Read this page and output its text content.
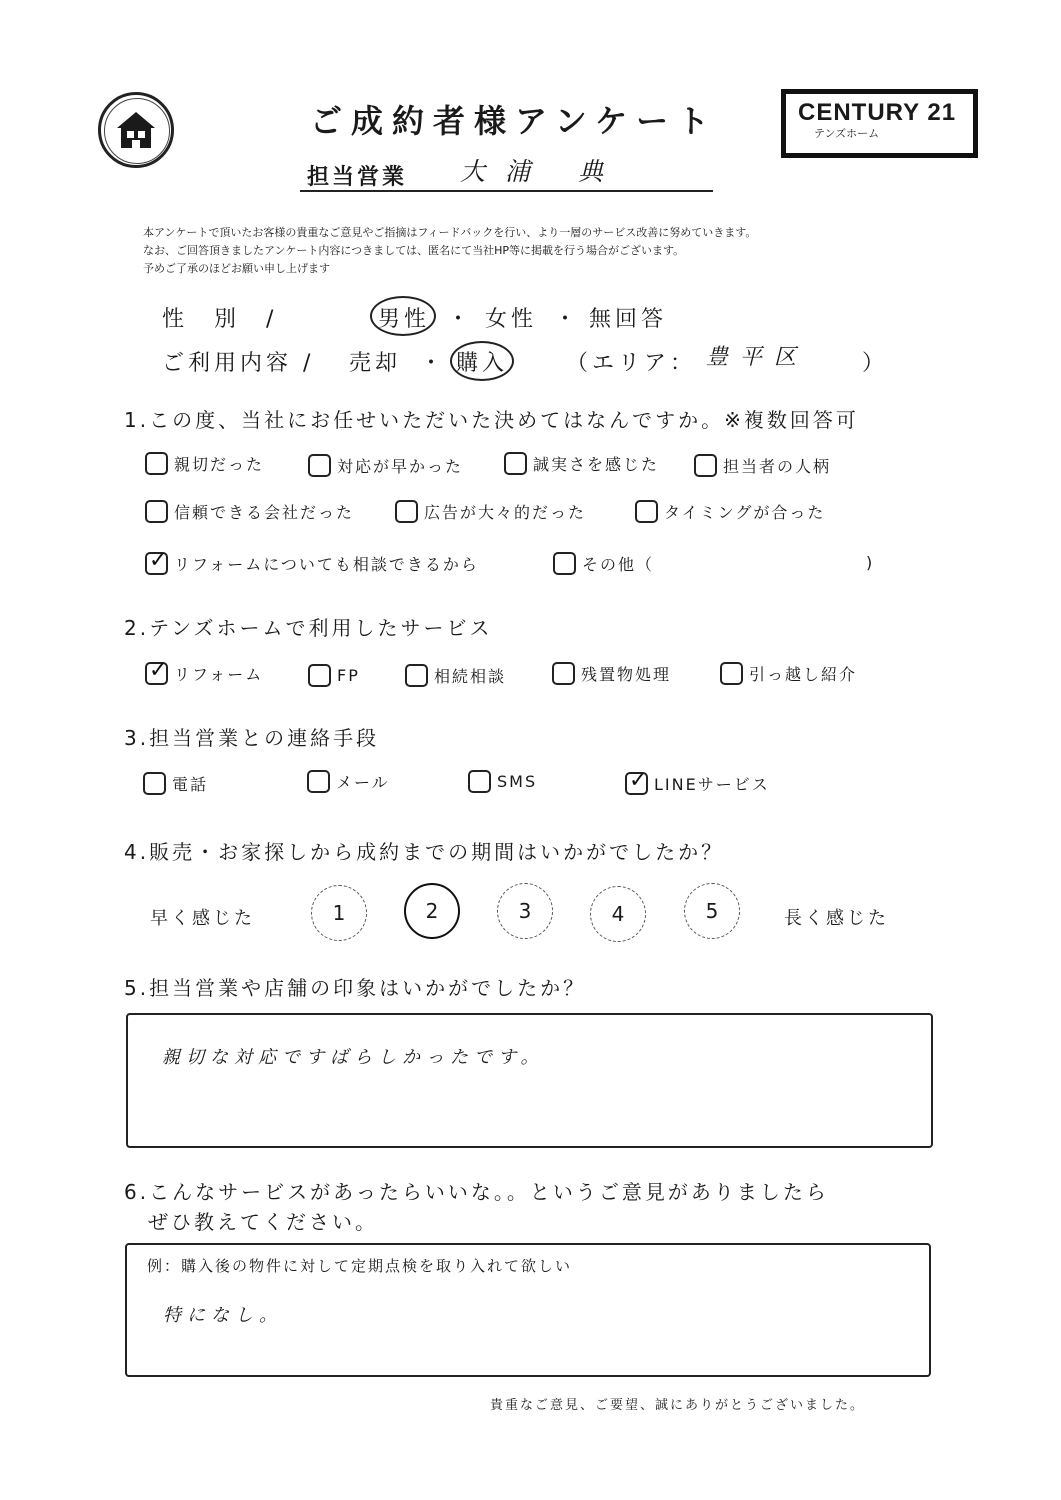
ご成約者様アンケート	CENTURY 21
テンズホーム
担当営業 大浦 典
本アンケートで頂いたお客様の貴重なご意見やご指摘はフィードバックを行い、より一層のサービス改善に努めていきます。
なお、ご回答頂きましたアンケート内容につきましては、匿名にて当社HP等に掲載を行う場合がございます。
予めご了承のほどお願い申し上げます
性　別　/	男性 ・ 女性 ・ 無回答
ご利用内容 / 売却 ・ 購入	（エリア： 豊平区 ）
1.この度、当社にお任せいただいた決めてはなんですか。※複数回答可
親切だった	対応が早かった	誠実さを感じた	担当者の人柄
信頼できる会社だった	広告が大々的だった	タイミングが合った
✓
リフォームについても相談できるから	その他（	)
2.テンズホームで利用したサービス
✓
リフォーム	FP	相続相談	残置物処理	引っ越し紹介
3.担当営業との連絡手段
電話	メール	SMS ✓	LINEサービス
4.販売・お家探しから成約までの期間はいかがでしたか？
早く感じた	1	2	3	4	5	長く感じた
5.担当営業や店舗の印象はいかがでしたか？
親切な対応ですばらしかったです。
6.こんなサービスがあったらいいな。。というご意見がありましたら
ぜひ教えてください。
例：購入後の物件に対して定期点検を取り入れて欲しい
特になし。
貴重なご意見、ご要望、誠にありがとうございました。
